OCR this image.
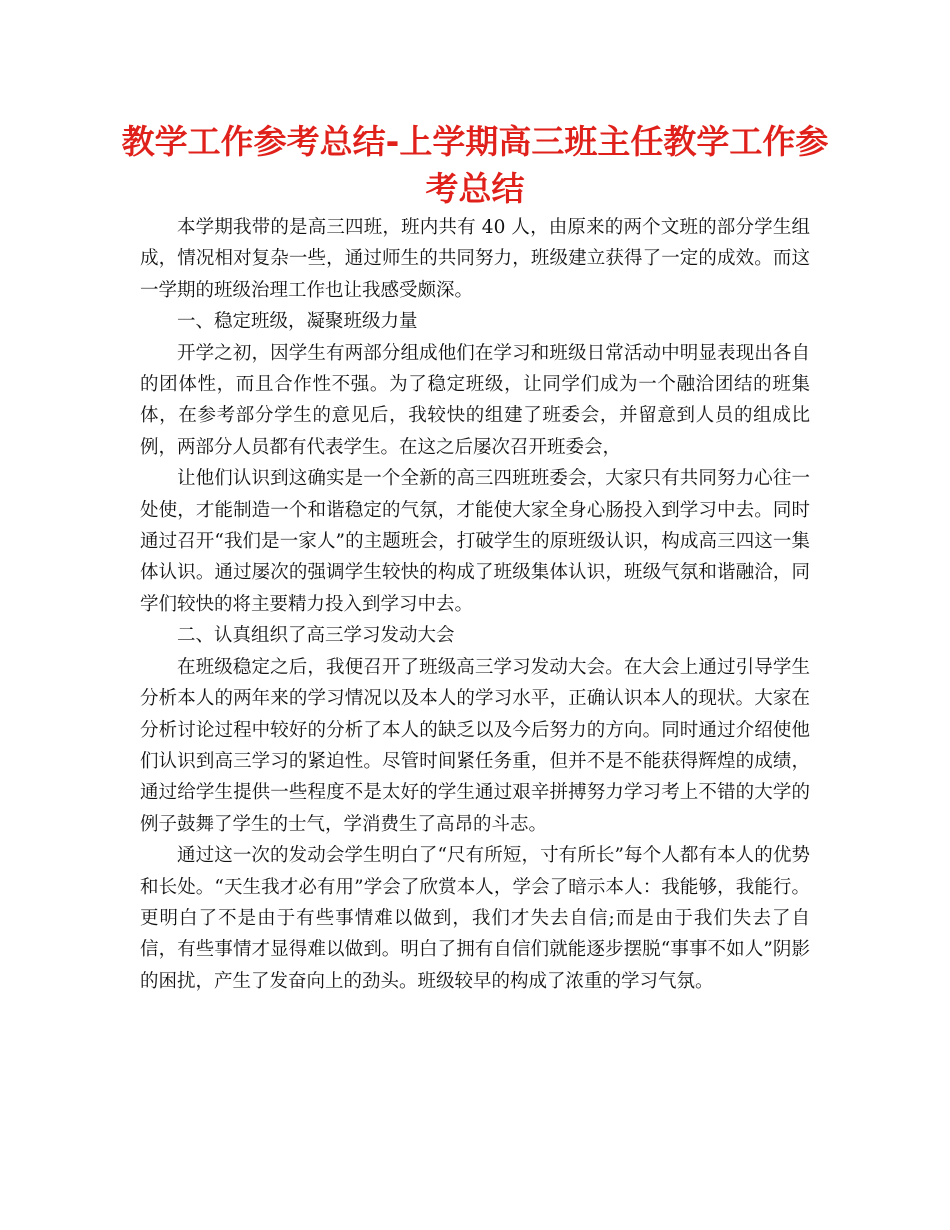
教学工作参考总结-上学期高三班主任教学工作参考总结

本学期我带的是高三四班，班内共有 40 人，由原来的两个文班的部分学生组成，情况相对复杂一些，通过师生的共同努力，班级建立获得了一定的成效。而这一学期的班级治理工作也让我感受颇深。

一、稳定班级，凝聚班级力量

开学之初，因学生有两部分组成他们在学习和班级日常活动中明显表现出各自的团体性，而且合作性不强。为了稳定班级，让同学们成为一个融洽团结的班集体，在参考部分学生的意见后，我较快的组建了班委会，并留意到人员的组成比例，两部分人员都有代表学生。在这之后屡次召开班委会，

让他们认识到这确实是一个全新的高三四班班委会，大家只有共同努力心往一处使，才能制造一个和谐稳定的气氛，才能使大家全身心肠投入到学习中去。同时通过召开“我们是一家人”的主题班会，打破学生的原班级认识，构成高三四这一集体认识。通过屡次的强调学生较快的构成了班级集体认识，班级气氛和谐融洽，同学们较快的将主要精力投入到学习中去。

二、认真组织了高三学习发动大会

在班级稳定之后，我便召开了班级高三学习发动大会。在大会上通过引导学生分析本人的两年来的学习情况以及本人的学习水平，正确认识本人的现状。大家在分析讨论过程中较好的分析了本人的缺乏以及今后努力的方向。同时通过介绍使他们认识到高三学习的紧迫性。尽管时间紧任务重，但并不是不能获得辉煌的成绩，通过给学生提供一些程度不是太好的学生通过艰辛拼搏努力学习考上不错的大学的例子鼓舞了学生的士气，学消费生了高昂的斗志。

通过这一次的发动会学生明白了“尺有所短，寸有所长”每个人都有本人的优势和长处。“天生我才必有用”学会了欣赏本人，学会了暗示本人：我能够，我能行。更明白了不是由于有些事情难以做到，我们才失去自信;而是由于我们失去了自信，有些事情才显得难以做到。明白了拥有自信们就能逐步摆脱“事事不如人”阴影的困扰，产生了发奋向上的劲头。班级较早的构成了浓重的学习气氛。
